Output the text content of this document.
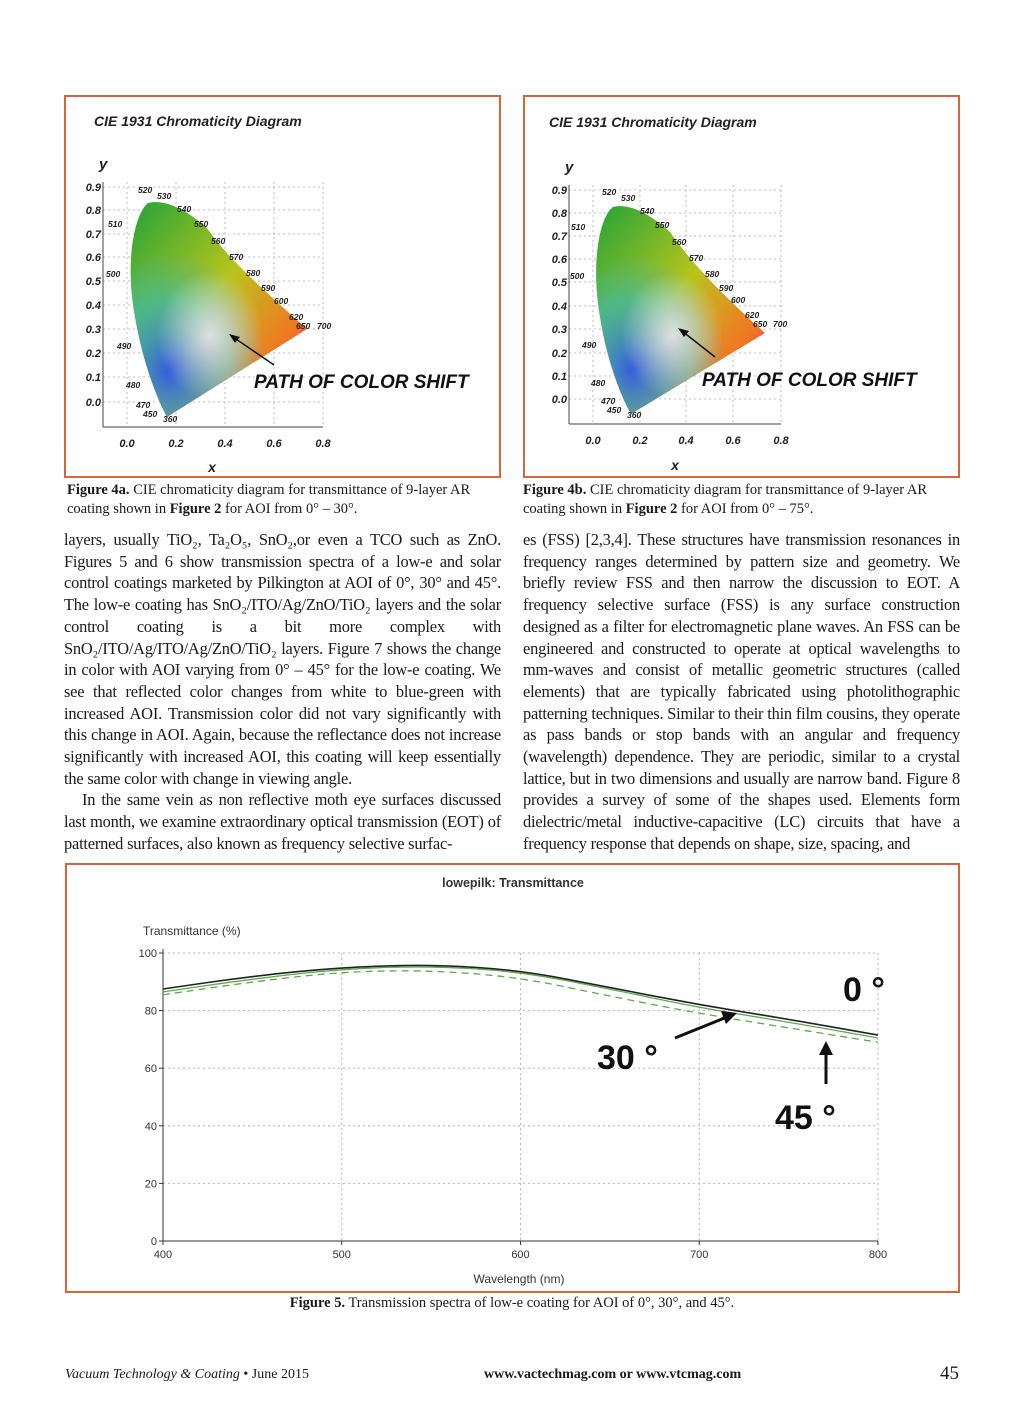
CIE 1931 Chromaticity Diagram
y
0.9
0.8
0.7
0.6
0.5
0.4
0.3
0.2
0.1
0.0
0.0	0.2	0.4	0.6	0.8
x
520
530
540
550
560
570
580
590
600
620
650 700
510
500
490
480
470
450 360
PATH OF COLOR SHIFT
Figure 4a. CIE chromaticity diagram for transmittance of 9-layer AR coating shown in Figure 2 for AOI from 0° – 30°.
CIE 1931 Chromaticity Diagram
y
0.9
0.8
0.7
0.6
0.5
0.4
0.3
0.2
0.1
0.0
0.0	0.2	0.4	0.6	0.8
x
520
530
540
550
560
570
580
590
600
620
650 700
510
500
490
480
470
450 360
PATH OF COLOR SHIFT
Figure 4b. CIE chromaticity diagram for transmittance of 9-layer AR coating shown in Figure 2 for AOI from 0° – 75°.

layers, usually TiO₂, Ta₂O₅, SnO₂,or even a TCO such as ZnO. Figures 5 and 6 show transmission spectra of a low-e and solar control coatings marketed by Pilkington at AOI of 0°, 30° and 45°. The low-e coating has SnO₂/ITO/Ag/ZnO/TiO₂ layers and the solar control coating is a bit more complex with SnO₂/ITO/Ag/ITO/Ag/ZnO/TiO₂ layers. Figure 7 shows the change in color with AOI varying from 0° – 45° for the low-e coating. We see that reflected color changes from white to blue-green with increased AOI. Transmission color did not vary significantly with this change in AOI. Again, because the reflectance does not increase significantly with increased AOI, this coating will keep essentially the same color with change in viewing angle.

In the same vein as non reflective moth eye surfaces discussed last month, we examine extraordinary optical transmission (EOT) of patterned surfaces, also known as frequency selective surfac-

es (FSS) [2,3,4]. These structures have transmission resonances in frequency ranges determined by pattern size and geometry. We briefly review FSS and then narrow the discussion to EOT. A frequency selective surface (FSS) is any surface construction designed as a filter for electromagnetic plane waves. An FSS can be engineered and constructed to operate at optical wavelengths to mm-waves and consist of metallic geometric structures (called elements) that are typically fabricated using photolithographic patterning techniques. Similar to their thin film cousins, they operate as pass bands or stop bands with an angular and frequency (wavelength) dependence. They are periodic, similar to a crystal lattice, but in two dimensions and usually are narrow band. Figure 8 provides a survey of some of the shapes used. Elements form dielectric/metal inductive-capacitive (LC) circuits that have a frequency response that depends on shape, size, spacing, and

lowepilk: Transmittance
Transmittance (%)
Wavelength (nm)
0
20
40
60
80
100
400	500	600	700	800
0 °
30 °
45 °
Figure 5. Transmission spectra of low-e coating for AOI of 0°, 30°, and 45°.
Vacuum Technology & Coating • June 2015	www.vactechmag.com or www.vtcmag.com	45
